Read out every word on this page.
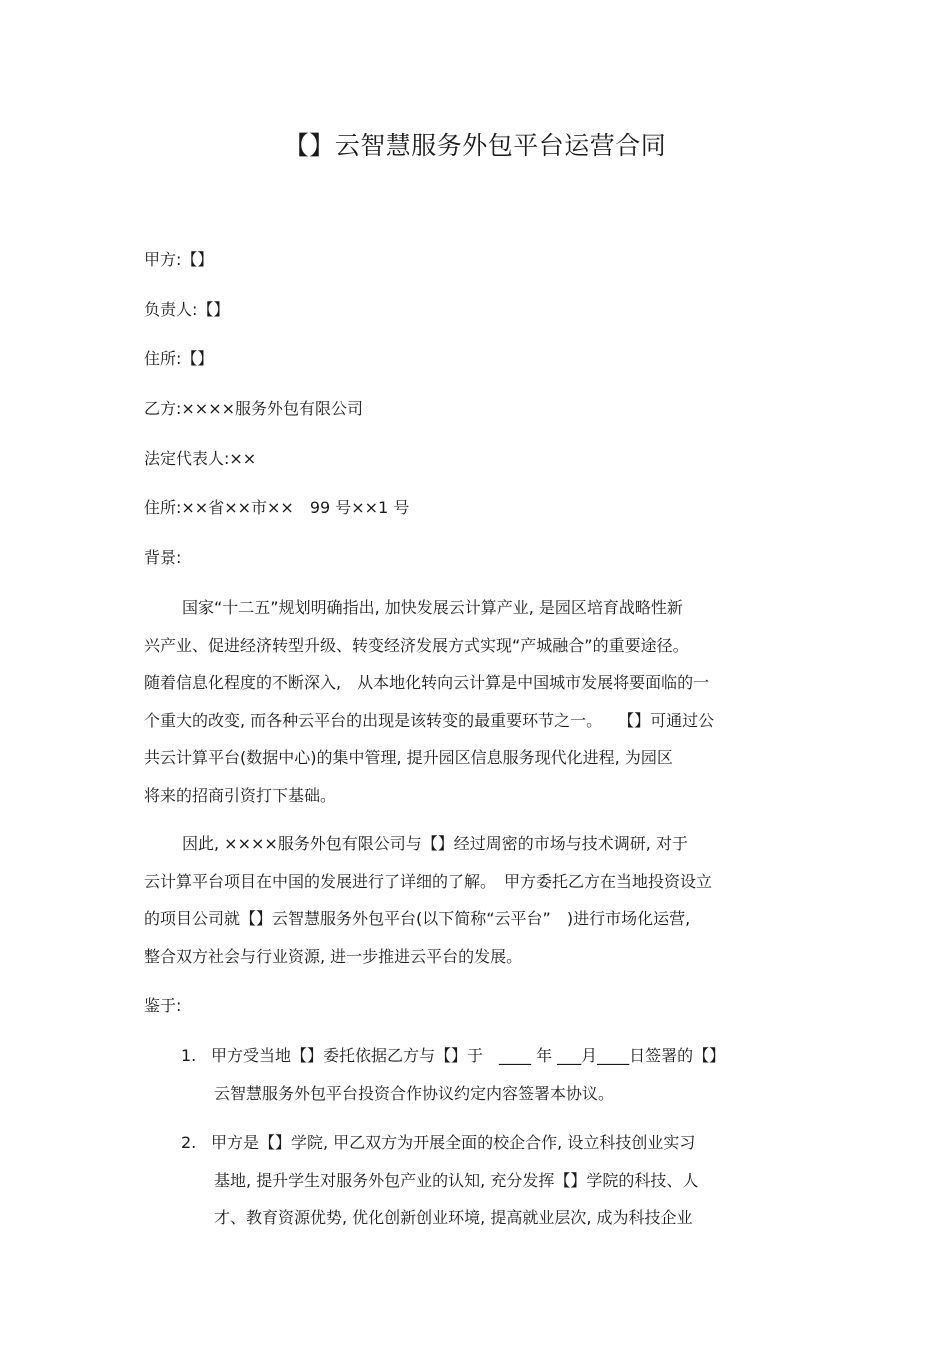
【】云智慧服务外包平台运营合同
甲方:【】
负责人:【】
住所:【】
乙方:××××服务外包有限公司
法定代表人:××
住所:××省××市××　99 号××1 号
背景:
国家“十二五”规划明确指出, 加快发展云计算产业, 是园区培育战略性新
兴产业、促进经济转型升级、转变经济发展方式实现“产城融合”的重要途径。
随着信息化程度的不断深入,　从本地化转向云计算是中国城市发展将要面临的一
个重大的改变, 而各种云平台的出现是该转变的最重要环节之一。　　【】可通过公
共云计算平台(数据中心)的集中管理, 提升园区信息服务现代化进程, 为园区
将来的招商引资打下基础。
因此, ××××服务外包有限公司与【】经过周密的市场与技术调研, 对于
云计算平台项目在中国的发展进行了详细的了解。　甲方委托乙方在当地投资设立
的项目公司就【】云智慧服务外包平台(以下简称“云平台”　)进行市场化运营,
整合双方社会与行业资源, 进一步推进云平台的发展。
鉴于:
1. 甲方受当地【】委托依据乙方与【】于　____ 年 ___月____日签署的【】
云智慧服务外包平台投资合作协议约定内容签署本协议。
2. 甲方是【】学院, 甲乙双方为开展全面的校企合作, 设立科技创业实习
基地, 提升学生对服务外包产业的认知, 充分发挥【】学院的科技、人
才、教育资源优势, 优化创新创业环境, 提高就业层次, 成为科技企业
